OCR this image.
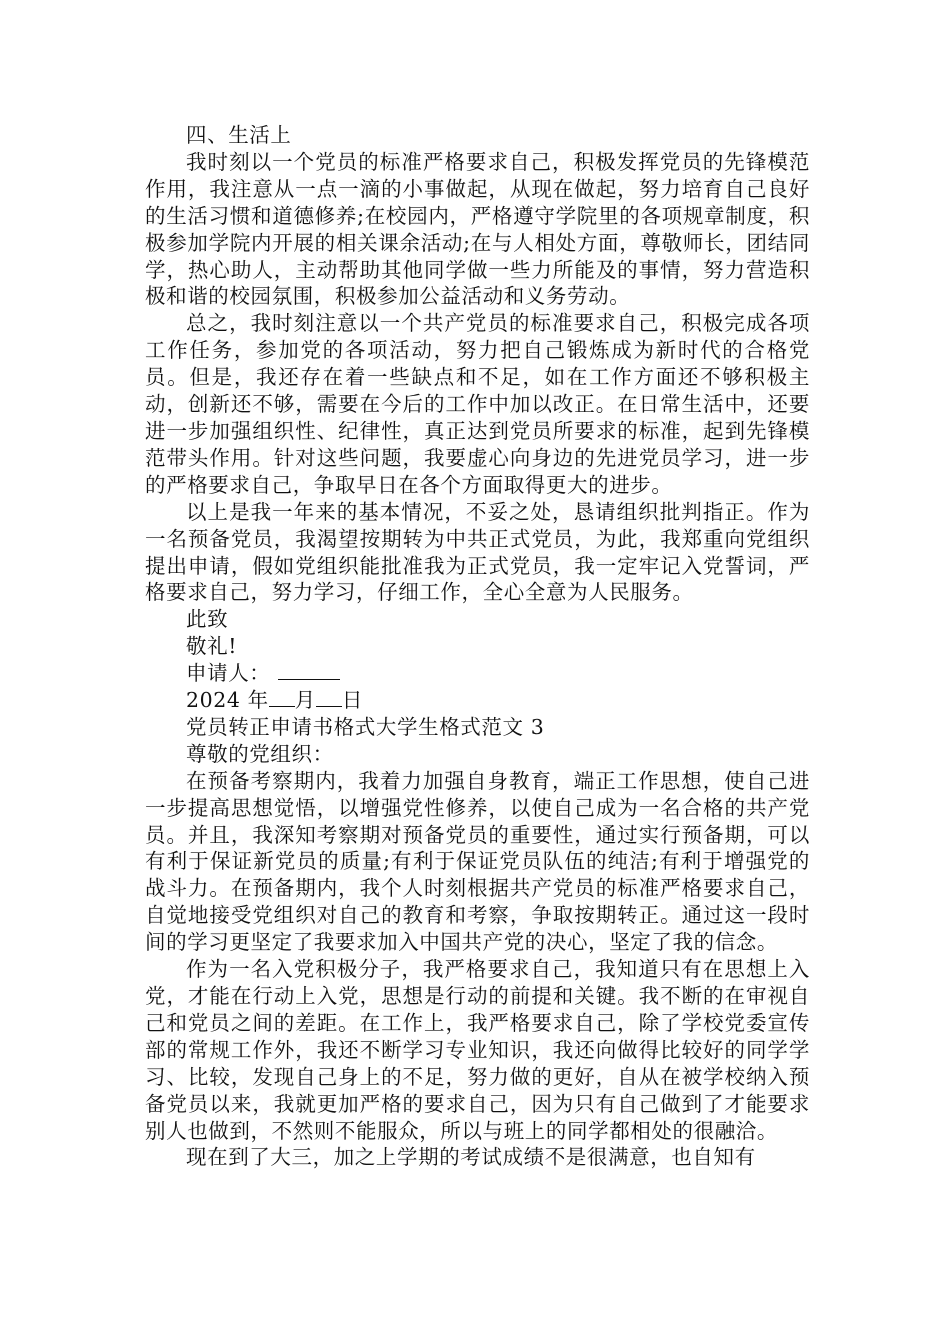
四、生活上

我时刻以一个党员的标准严格要求自己，积极发挥党员的先锋模范作用，我注意从一点一滴的小事做起，从现在做起，努力培育自己良好的生活习惯和道德修养;在校园内，严格遵守学院里的各项规章制度，积极参加学院内开展的相关课余活动;在与人相处方面，尊敬师长，团结同学，热心助人，主动帮助其他同学做一些力所能及的事情，努力营造积极和谐的校园氛围，积极参加公益活动和义务劳动。

总之，我时刻注意以一个共产党员的标准要求自己，积极完成各项工作任务，参加党的各项活动，努力把自己锻炼成为新时代的合格党员。但是，我还存在着一些缺点和不足，如在工作方面还不够积极主动，创新还不够，需要在今后的工作中加以改正。在日常生活中，还要进一步加强组织性、纪律性，真正达到党员所要求的标准，起到先锋模范带头作用。针对这些问题，我要虚心向身边的先进党员学习，进一步的严格要求自己，争取早日在各个方面取得更大的进步。

以上是我一年来的基本情况，不妥之处，恳请组织批判指正。作为一名预备党员，我渴望按期转为中共正式党员，为此，我郑重向党组织提出申请，假如党组织能批准我为正式党员，我一定牢记入党誓词，严格要求自己，努力学习，仔细工作，全心全意为人民服务。

此致

敬礼!

申请人：

2024 年 月 日

党员转正申请书格式大学生格式范文 3

尊敬的党组织：

在预备考察期内，我着力加强自身教育，端正工作思想，使自己进一步提高思想觉悟，以增强党性修养，以使自己成为一名合格的共产党员。并且，我深知考察期对预备党员的重要性，通过实行预备期，可以有利于保证新党员的质量;有利于保证党员队伍的纯洁;有利于增强党的战斗力。在预备期内，我个人时刻根据共产党员的标准严格要求自己，自觉地接受党组织对自己的教育和考察，争取按期转正。通过这一段时间的学习更坚定了我要求加入中国共产党的决心，坚定了我的信念。

作为一名入党积极分子，我严格要求自己，我知道只有在思想上入党，才能在行动上入党，思想是行动的前提和关键。我不断的在审视自己和党员之间的差距。在工作上，我严格要求自己，除了学校党委宣传部的常规工作外，我还不断学习专业知识，我还向做得比较好的同学学习、比较，发现自己身上的不足，努力做的更好，自从在被学校纳入预备党员以来，我就更加严格的要求自己，因为只有自己做到了才能要求别人也做到，不然则不能服众，所以与班上的同学都相处的很融洽。

现在到了大三，加之上学期的考试成绩不是很满意，也自知有
